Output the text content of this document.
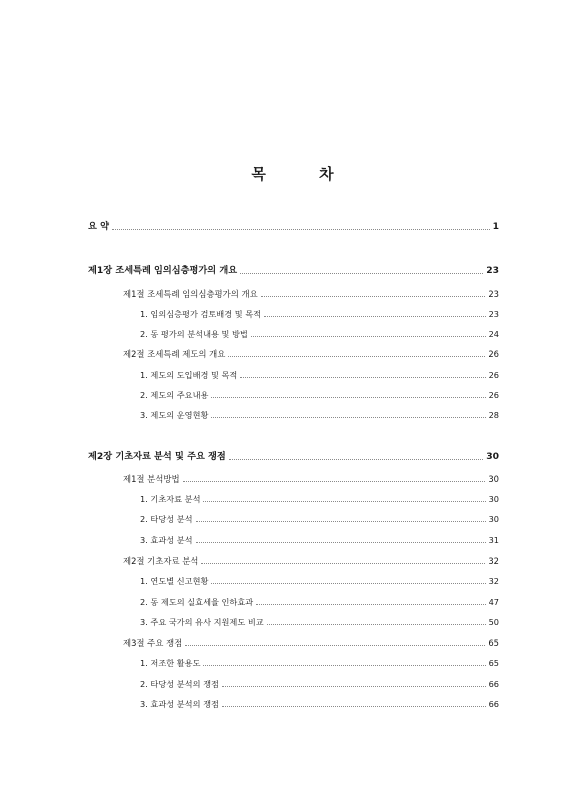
목 차
요 약	1
제1장 조세특례 임의심층평가의 개요	23
제1절 조세특례 임의심층평가의 개요	23
1. 임의심층평가 검토배경 및 목적	23
2. 동 평가의 분석내용 및 방법	24
제2절 조세특례 제도의 개요	26
1. 제도의 도입배경 및 목적	26
2. 제도의 주요내용	26
3. 제도의 운영현황	28
제2장 기초자료 분석 및 주요 쟁점	30
제1절 분석방법	30
1. 기초자료 분석	30
2. 타당성 분석	30
3. 효과성 분석	31
제2절 기초자료 분석	32
1. 연도별 신고현황	32
2. 동 제도의 실효세율 인하효과	47
3. 주요 국가의 유사 지원제도 비교	50
제3절 주요 쟁점	65
1. 저조한 활용도	65
2. 타당성 분석의 쟁점	66
3. 효과성 분석의 쟁점	66
